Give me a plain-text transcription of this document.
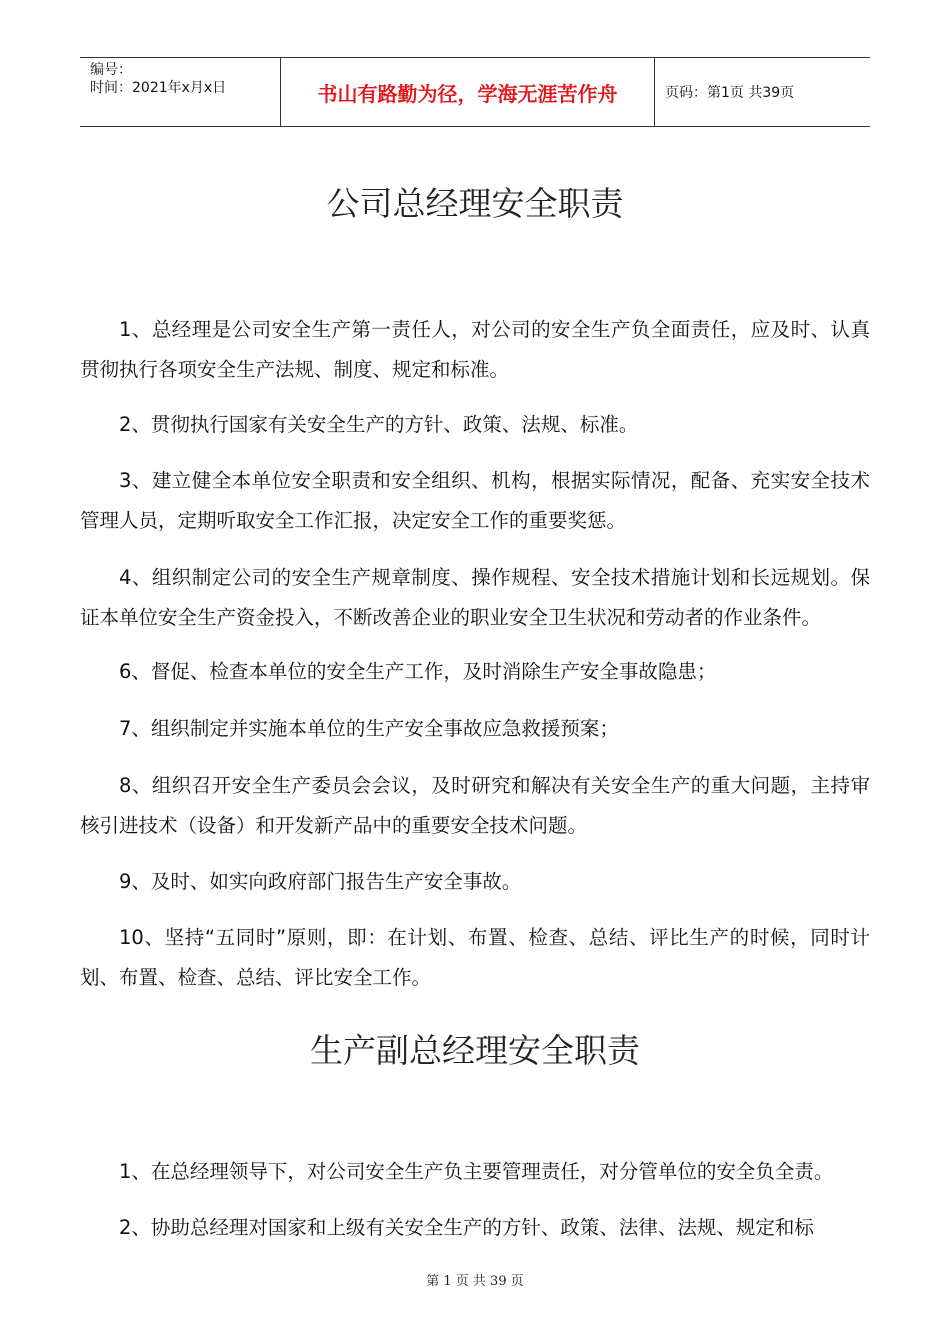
编号：
时间：2021年x月x日	书山有路勤为径，学海无涯苦作舟	页码：第1页 共39页
公司总经理安全职责

1、总经理是公司安全生产第一责任人，对公司的安全生产负全面责任，应及时、认真贯彻执行各项安全生产法规、制度、规定和标准。

2、贯彻执行国家有关安全生产的方针、政策、法规、标准。

3、建立健全本单位安全职责和安全组织、机构，根据实际情况，配备、充实安全技术管理人员，定期听取安全工作汇报，决定安全工作的重要奖惩。

4、组织制定公司的安全生产规章制度、操作规程、安全技术措施计划和长远规划。保证本单位安全生产资金投入，不断改善企业的职业安全卫生状况和劳动者的作业条件。

6、督促、检查本单位的安全生产工作，及时消除生产安全事故隐患；

7、组织制定并实施本单位的生产安全事故应急救援预案；

8、组织召开安全生产委员会会议，及时研究和解决有关安全生产的重大问题，主持审核引进技术（设备）和开发新产品中的重要安全技术问题。

9、及时、如实向政府部门报告生产安全事故。

10、坚持“五同时”原则，即：在计划、布置、检查、总结、评比生产的时候，同时计划、布置、检查、总结、评比安全工作。

生产副总经理安全职责

1、在总经理领导下，对公司安全生产负主要管理责任，对分管单位的安全负全责。

2、协助总经理对国家和上级有关安全生产的方针、政策、法律、法规、规定和标

第 1 页 共 39 页
